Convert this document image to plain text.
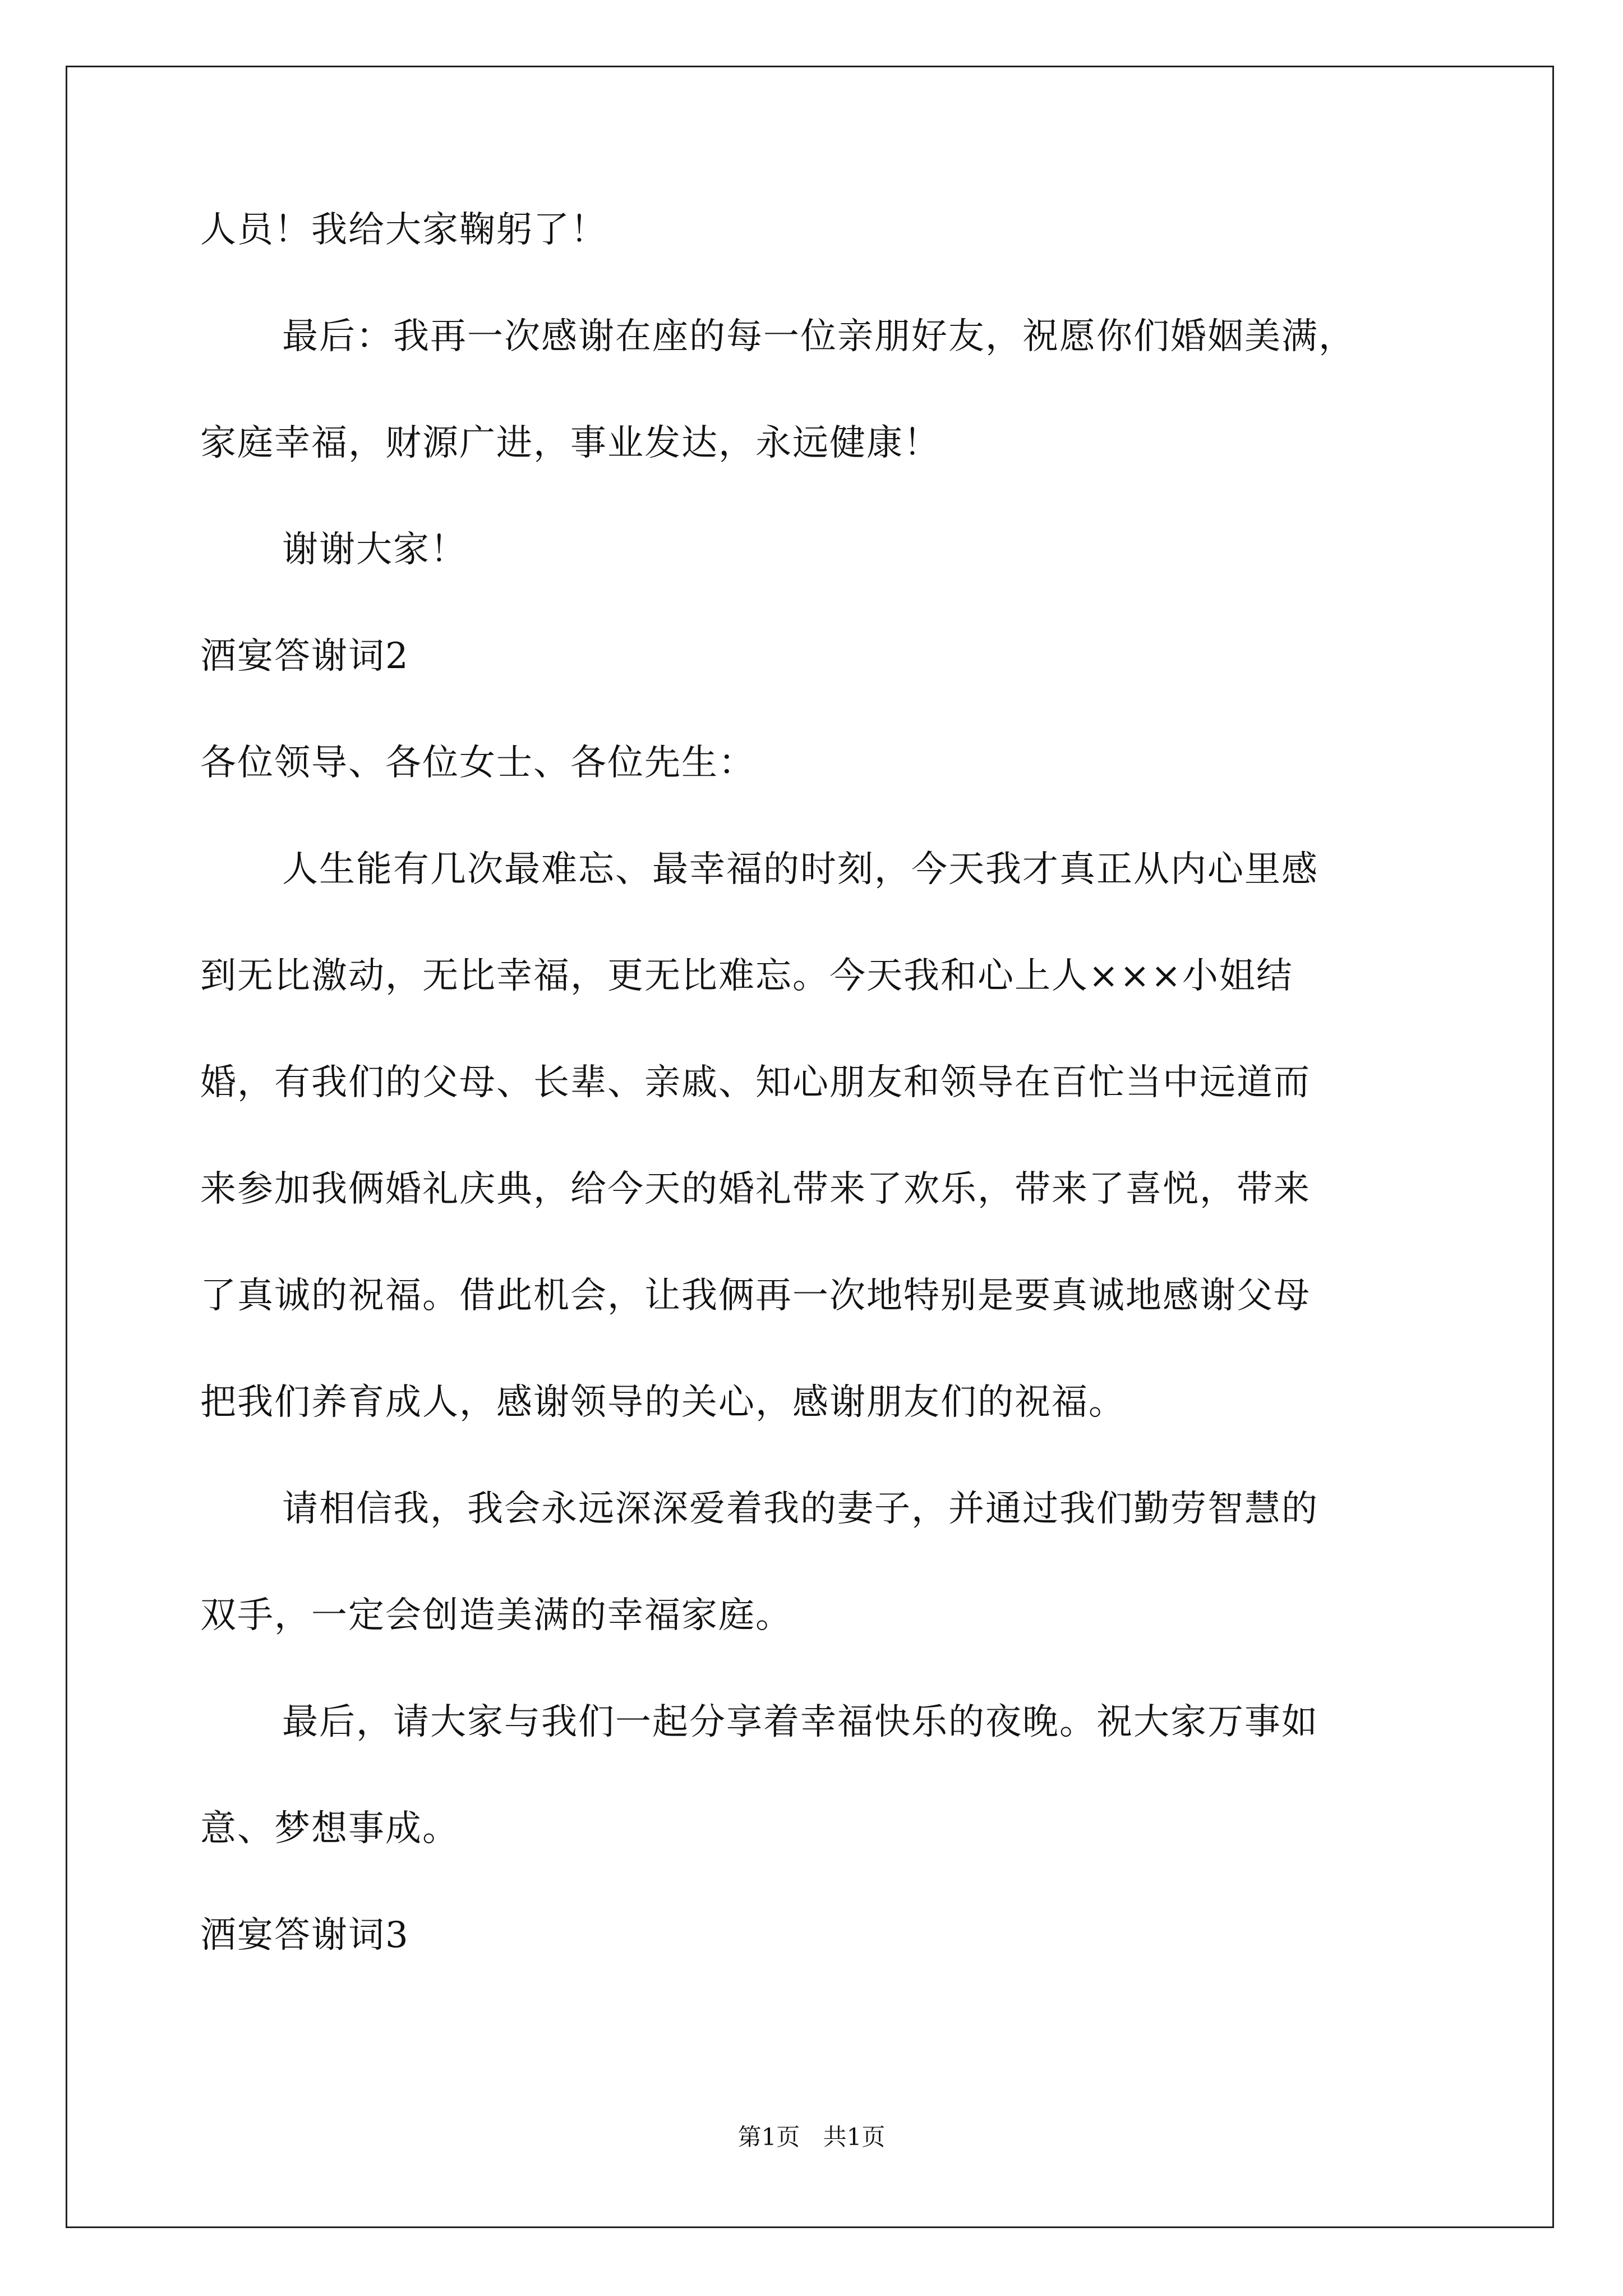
人员！我给大家鞠躬了！
最后：我再一次感谢在座的每一位亲朋好友，祝愿你们婚姻美满，
家庭幸福，财源广进，事业发达，永远健康！
谢谢大家！
酒宴答谢词2
各位领导、各位女士、各位先生：
人生能有几次最难忘、最幸福的时刻，今天我才真正从内心里感
到无比激动，无比幸福，更无比难忘。今天我和心上人×××小姐结
婚，有我们的父母、长辈、亲戚、知心朋友和领导在百忙当中远道而
来参加我俩婚礼庆典，给今天的婚礼带来了欢乐，带来了喜悦，带来
了真诚的祝福。借此机会，让我俩再一次地特别是要真诚地感谢父母
把我们养育成人，感谢领导的关心，感谢朋友们的祝福。
请相信我，我会永远深深爱着我的妻子，并通过我们勤劳智慧的
双手，一定会创造美满的幸福家庭。
最后，请大家与我们一起分享着幸福快乐的夜晚。祝大家万事如
意、梦想事成。
酒宴答谢词3
第1页 共1页
